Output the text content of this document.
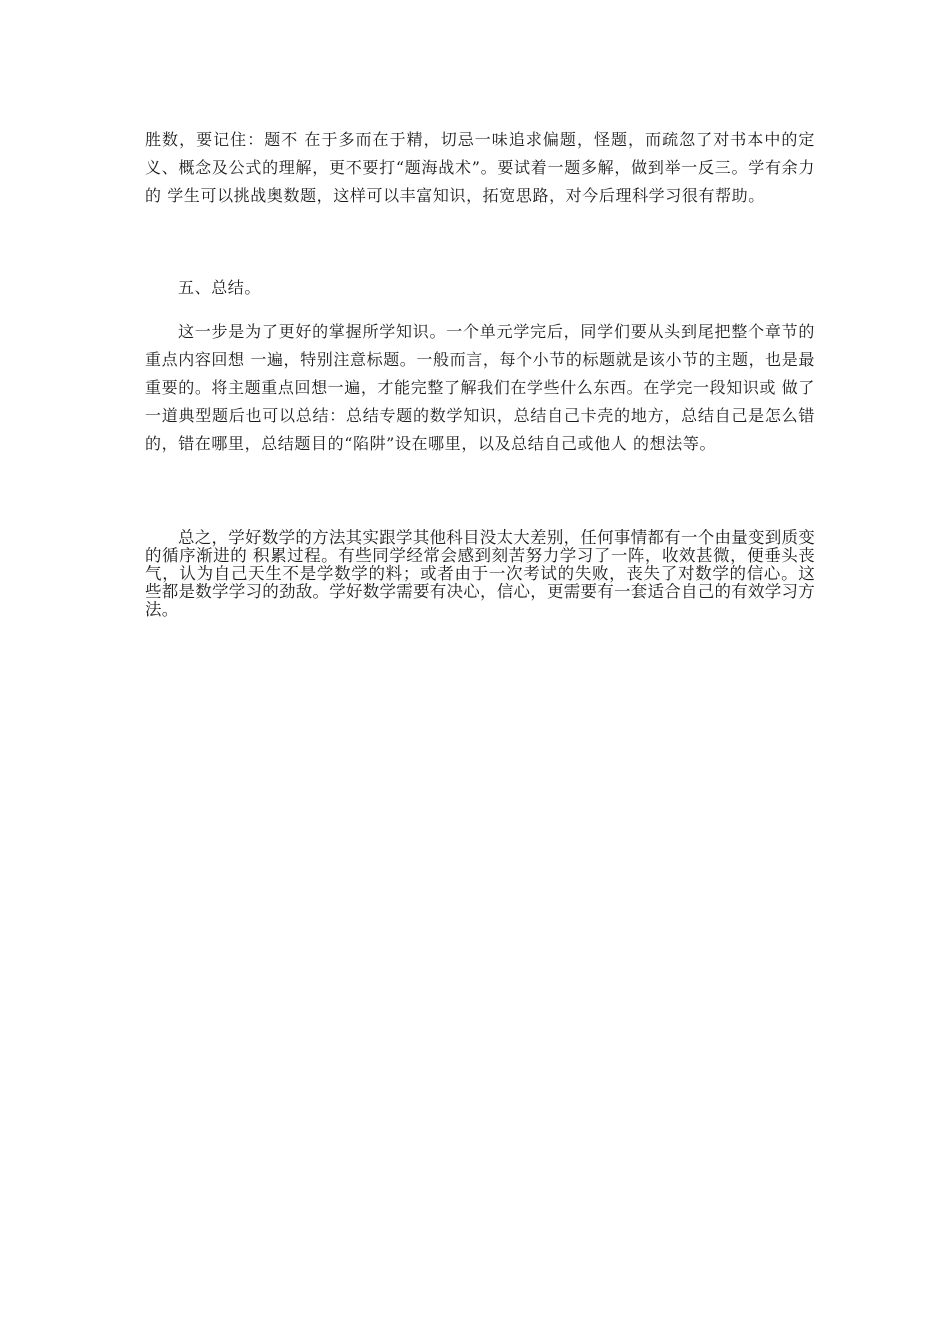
胜数，要记住：题不 在于多而在于精，切忌一味追求偏题，怪题，而疏忽了对书本中的定义、概念及公式的理解，更不要打“题海战术”。要试着一题多解，做到举一反三。学有余力的 学生可以挑战奥数题，这样可以丰富知识，拓宽思路，对今后理科学习很有帮助。

五、总结。

这一步是为了更好的掌握所学知识。一个单元学完后，同学们要从头到尾把整个章节的重点内容回想 一遍，特别注意标题。一般而言，每个小节的标题就是该小节的主题，也是最重要的。将主题重点回想一遍，才能完整了解我们在学些什么东西。在学完一段知识或 做了一道典型题后也可以总结：总结专题的数学知识，总结自己卡壳的地方，总结自己是怎么错的，错在哪里，总结题目的“陷阱”设在哪里，以及总结自己或他人 的想法等。

总之，学好数学的方法其实跟学其他科目没太大差别，任何事情都有一个由量变到质变的循序渐进的 积累过程。有些同学经常会感到刻苦努力学习了一阵，收效甚微，便垂头丧气，认为自己天生不是学数学的料；或者由于一次考试的失败，丧失了对数学的信心。这 些都是数学学习的劲敌。学好数学需要有决心，信心，更需要有一套适合自己的有效学习方法。
